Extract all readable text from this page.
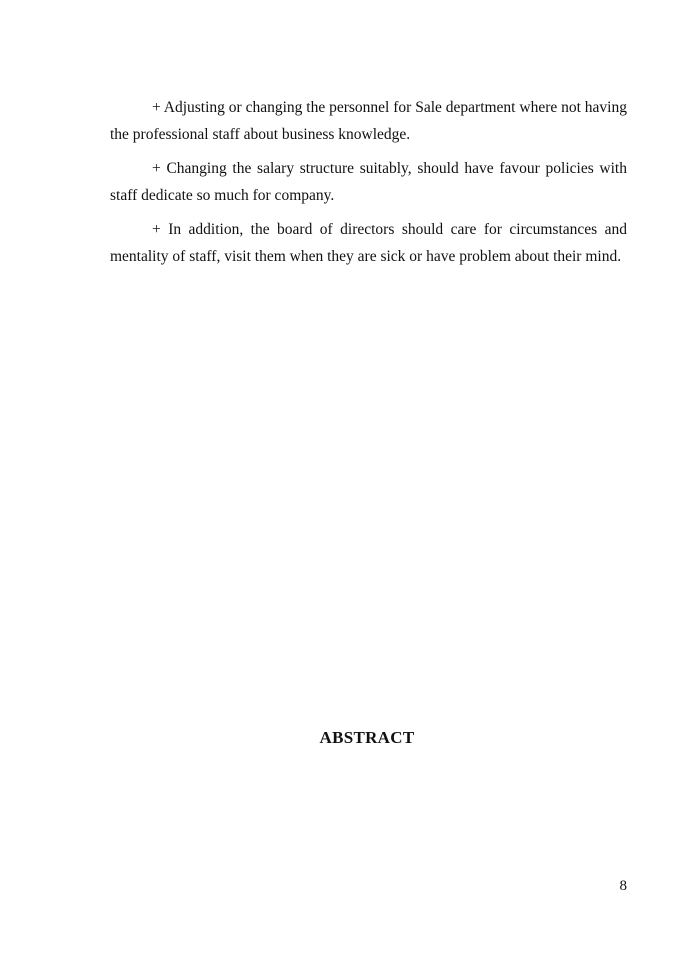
+ Adjusting or changing the personnel for Sale department where not having the professional staff about business knowledge.

+ Changing the salary structure suitably, should have favour policies with staff dedicate so much for company.

+ In addition, the board of directors should care for circumstances and mentality of staff, visit them when they are sick or have problem about their mind.

ABSTRACT
8
